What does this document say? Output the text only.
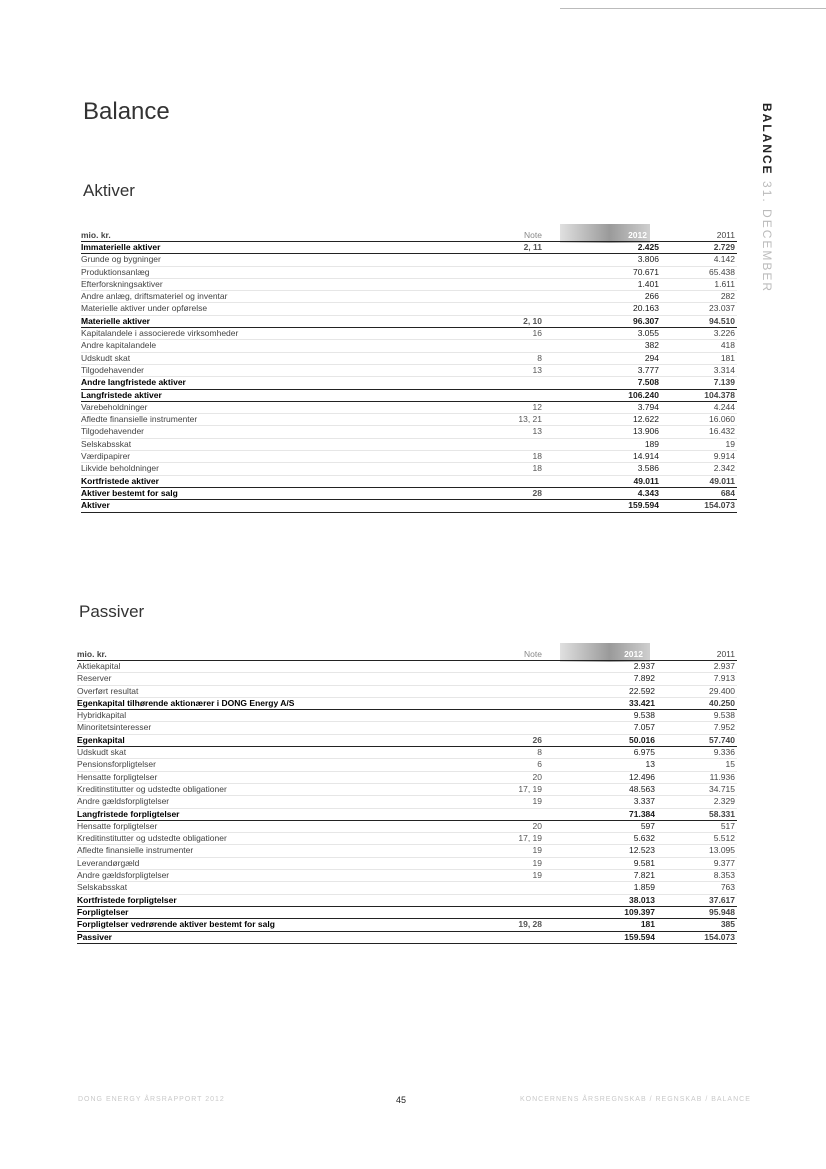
Balance	BALANCE 31. DECEMBER
Aktiver
mio. kr.	Note	2012	2011
Immaterielle aktiver	2, 11	2.425	2.729
Grunde og bygninger	3.806	4.142
Produktionsanlæg	70.671	65.438
Efterforskningsaktiver	1.401	1.611
Andre anlæg, driftsmateriel og inventar	266	282
Materielle aktiver under opførelse	20.163	23.037
Materielle aktiver	2, 10	96.307	94.510
Kapitalandele i associerede virksomheder	16	3.055	3.226
Andre kapitalandele	382	418
Udskudt skat	8	294	181
Tilgodehavender	13	3.777	3.314
Andre langfristede aktiver	7.508	7.139
Langfristede aktiver	106.240	104.378
Varebeholdninger	12	3.794	4.244
Afledte finansielle instrumenter	13, 21	12.622	16.060
Tilgodehavender	13	13.906	16.432
Selskabsskat	189	19
Værdipapirer	18	14.914	9.914
Likvide beholdninger	18	3.586	2.342
Kortfristede aktiver	49.011	49.011
Aktiver bestemt for salg	28	4.343	684
Aktiver	159.594	154.073
Passiver
mio. kr.	Note	2012	2011
Aktiekapital	2.937	2.937
Reserver	7.892	7.913
Overført resultat	22.592	29.400
Egenkapital tilhørende aktionærer i DONG Energy A/S	33.421	40.250
Hybridkapital	9.538	9.538
Minoritetsinteresser	7.057	7.952
Egenkapital	26	50.016	57.740
Udskudt skat	8	6.975	9.336
Pensionsforpligtelser	6	13	15
Hensatte forpligtelser	20	12.496	11.936
Kreditinstitutter og udstedte obligationer	17, 19	48.563	34.715
Andre gældsforpligtelser	19	3.337	2.329
Langfristede forpligtelser	71.384	58.331
Hensatte forpligtelser	20	597	517
Kreditinstitutter og udstedte obligationer	17, 19	5.632	5.512
Afledte finansielle instrumenter	19	12.523	13.095
Leverandørgæld	19	9.581	9.377
Andre gældsforpligtelser	19	7.821	8.353
Selskabsskat	1.859	763
Kortfristede forpligtelser	38.013	37.617
Forpligtelser	109.397	95.948
Forpligtelser vedrørende aktiver bestemt for salg	19, 28	181	385
Passiver	159.594	154.073
DONG ENERGY ÅRSRAPPORT 2012	45	KONCERNENS ÅRSREGNSKAB / REGNSKAB / BALANCE
